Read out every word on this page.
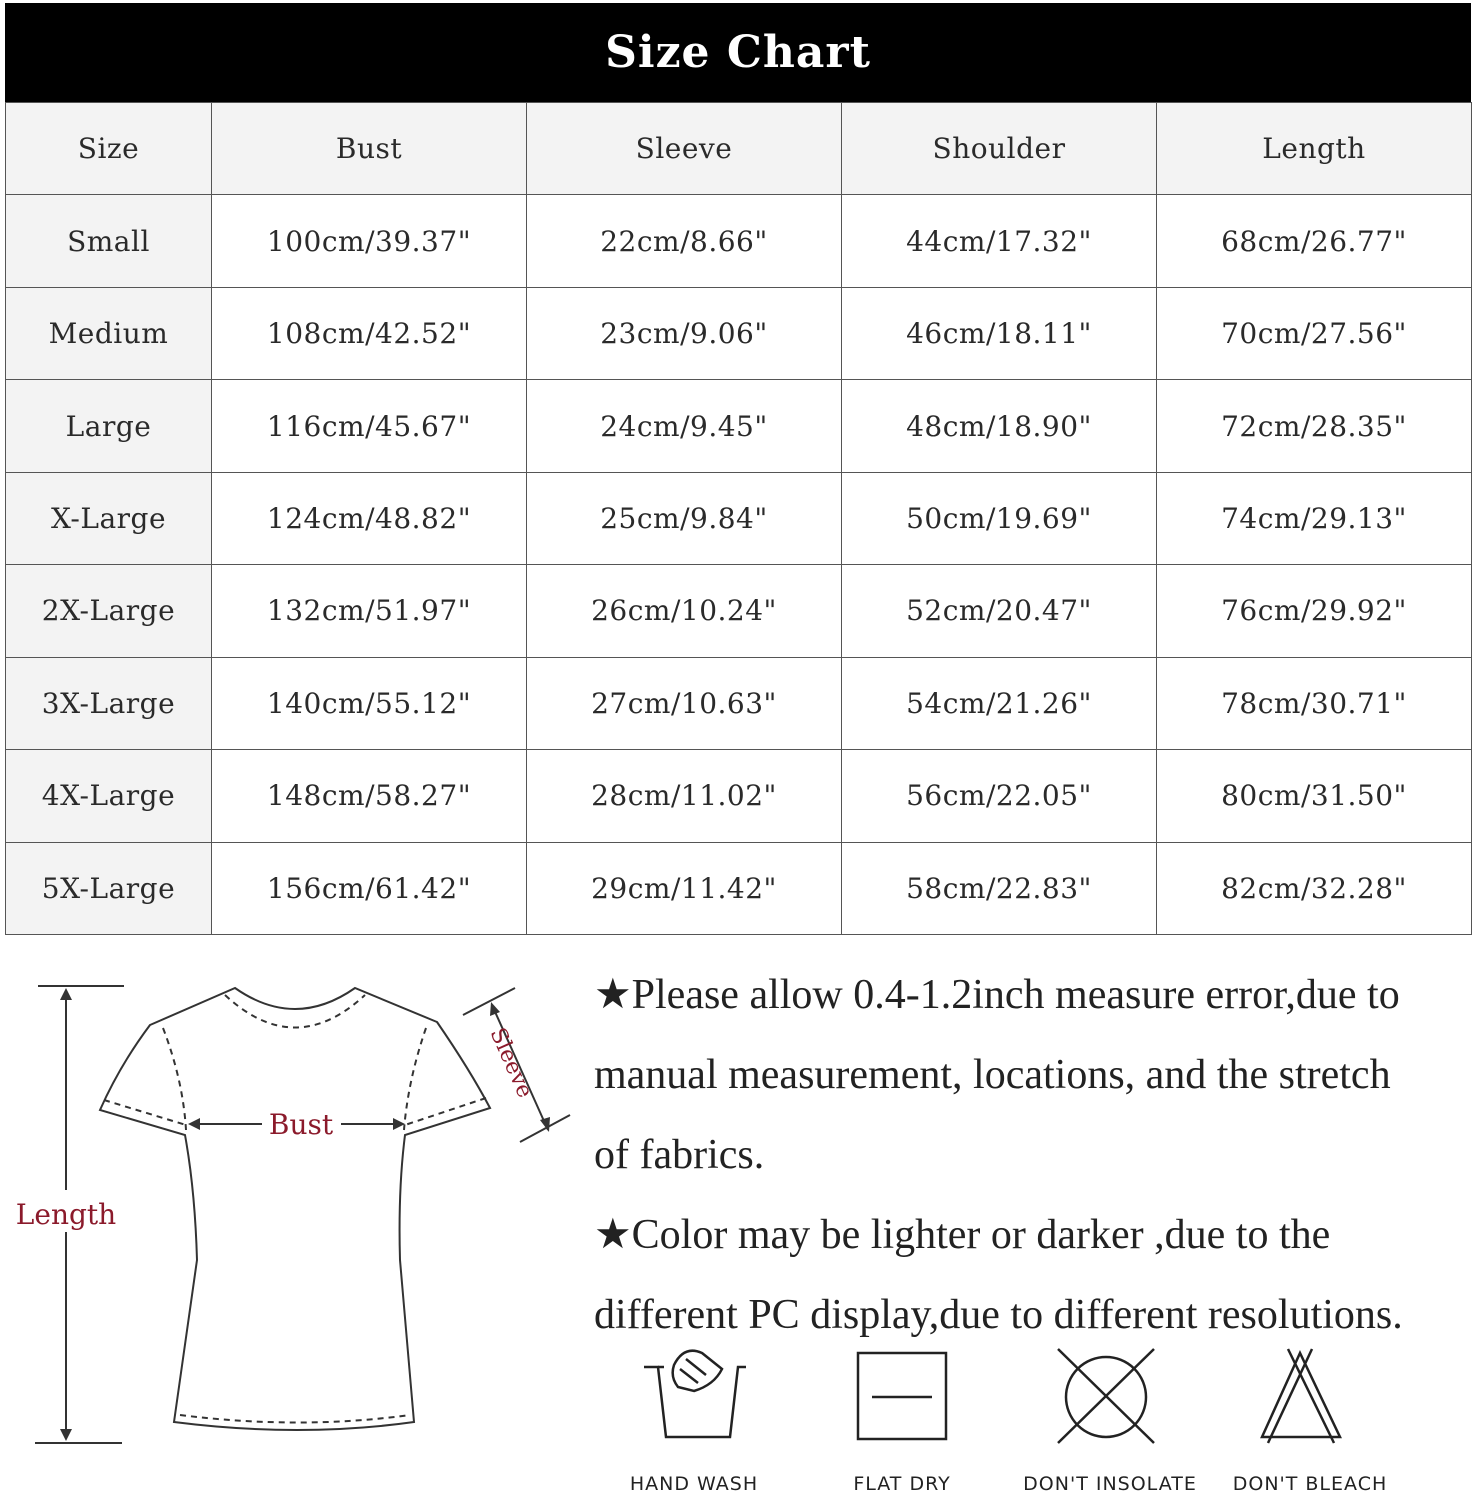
Size Chart
Size	Bust	Sleeve	Shoulder	Length
Small	100cm/39.37"	22cm/8.66"	44cm/17.32"	68cm/26.77"
Medium	108cm/42.52"	23cm/9.06"	46cm/18.11"	70cm/27.56"
Large	116cm/45.67"	24cm/9.45"	48cm/18.90"	72cm/28.35"
X-Large	124cm/48.82"	25cm/9.84"	50cm/19.69"	74cm/29.13"
2X-Large	132cm/51.97"	26cm/10.24"	52cm/20.47"	76cm/29.92"
3X-Large	140cm/55.12"	27cm/10.63"	54cm/21.26"	78cm/30.71"
4X-Large	148cm/58.27"	28cm/11.02"	56cm/22.05"	80cm/31.50"
5X-Large	156cm/61.42"	29cm/11.42"	58cm/22.83"	82cm/32.28"
Bust
Length
Sleeve

★Please allow 0.4-1.2inch measure error,due to
manual measurement, locations, and the stretch
of fabrics.

★Color may be lighter or darker ,due to the
different PC display,due to different resolutions.

HAND WASH	FLAT DRY	DON'T INSOLATE	DON'T BLEACH
